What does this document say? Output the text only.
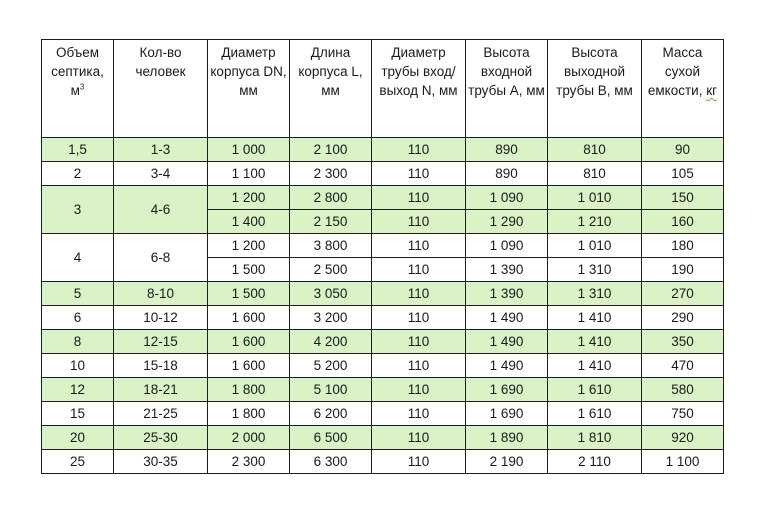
Объем септика, $м^3$	Кол-во человек	Диаметр корпуса DN, мм	Длина корпуса L, мм	Диаметр трубы вход/ выход N, мм	Высота входной трубы А, мм	Высота выходной трубы В, мм	Масса сухой емкости, кг
1,5	1-3	1 000	2 100	110	890	810	90
2	3-4	1 100	2 300	110	890	810	105
3	4-6	1 200	2 800	110	1 090	1 010	150
		1 400	2 150	110	1 290	1 210	160
4	6-8	1 200	3 800	110	1 090	1 010	180
		1 500	2 500	110	1 390	1 310	190
5	8-10	1 500	3 050	110	1 390	1 310	270
6	10-12	1 600	3 200	110	1 490	1 410	290
8	12-15	1 600	4 200	110	1 490	1 410	350
10	15-18	1 600	5 200	110	1 490	1 410	470
12	18-21	1 800	5 100	110	1 690	1 610	580
15	21-25	1 800	6 200	110	1 690	1 610	750
20	25-30	2 000	6 500	110	1 890	1 810	920
25	30-35	2 300	6 300	110	2 190	2 110	1 100
